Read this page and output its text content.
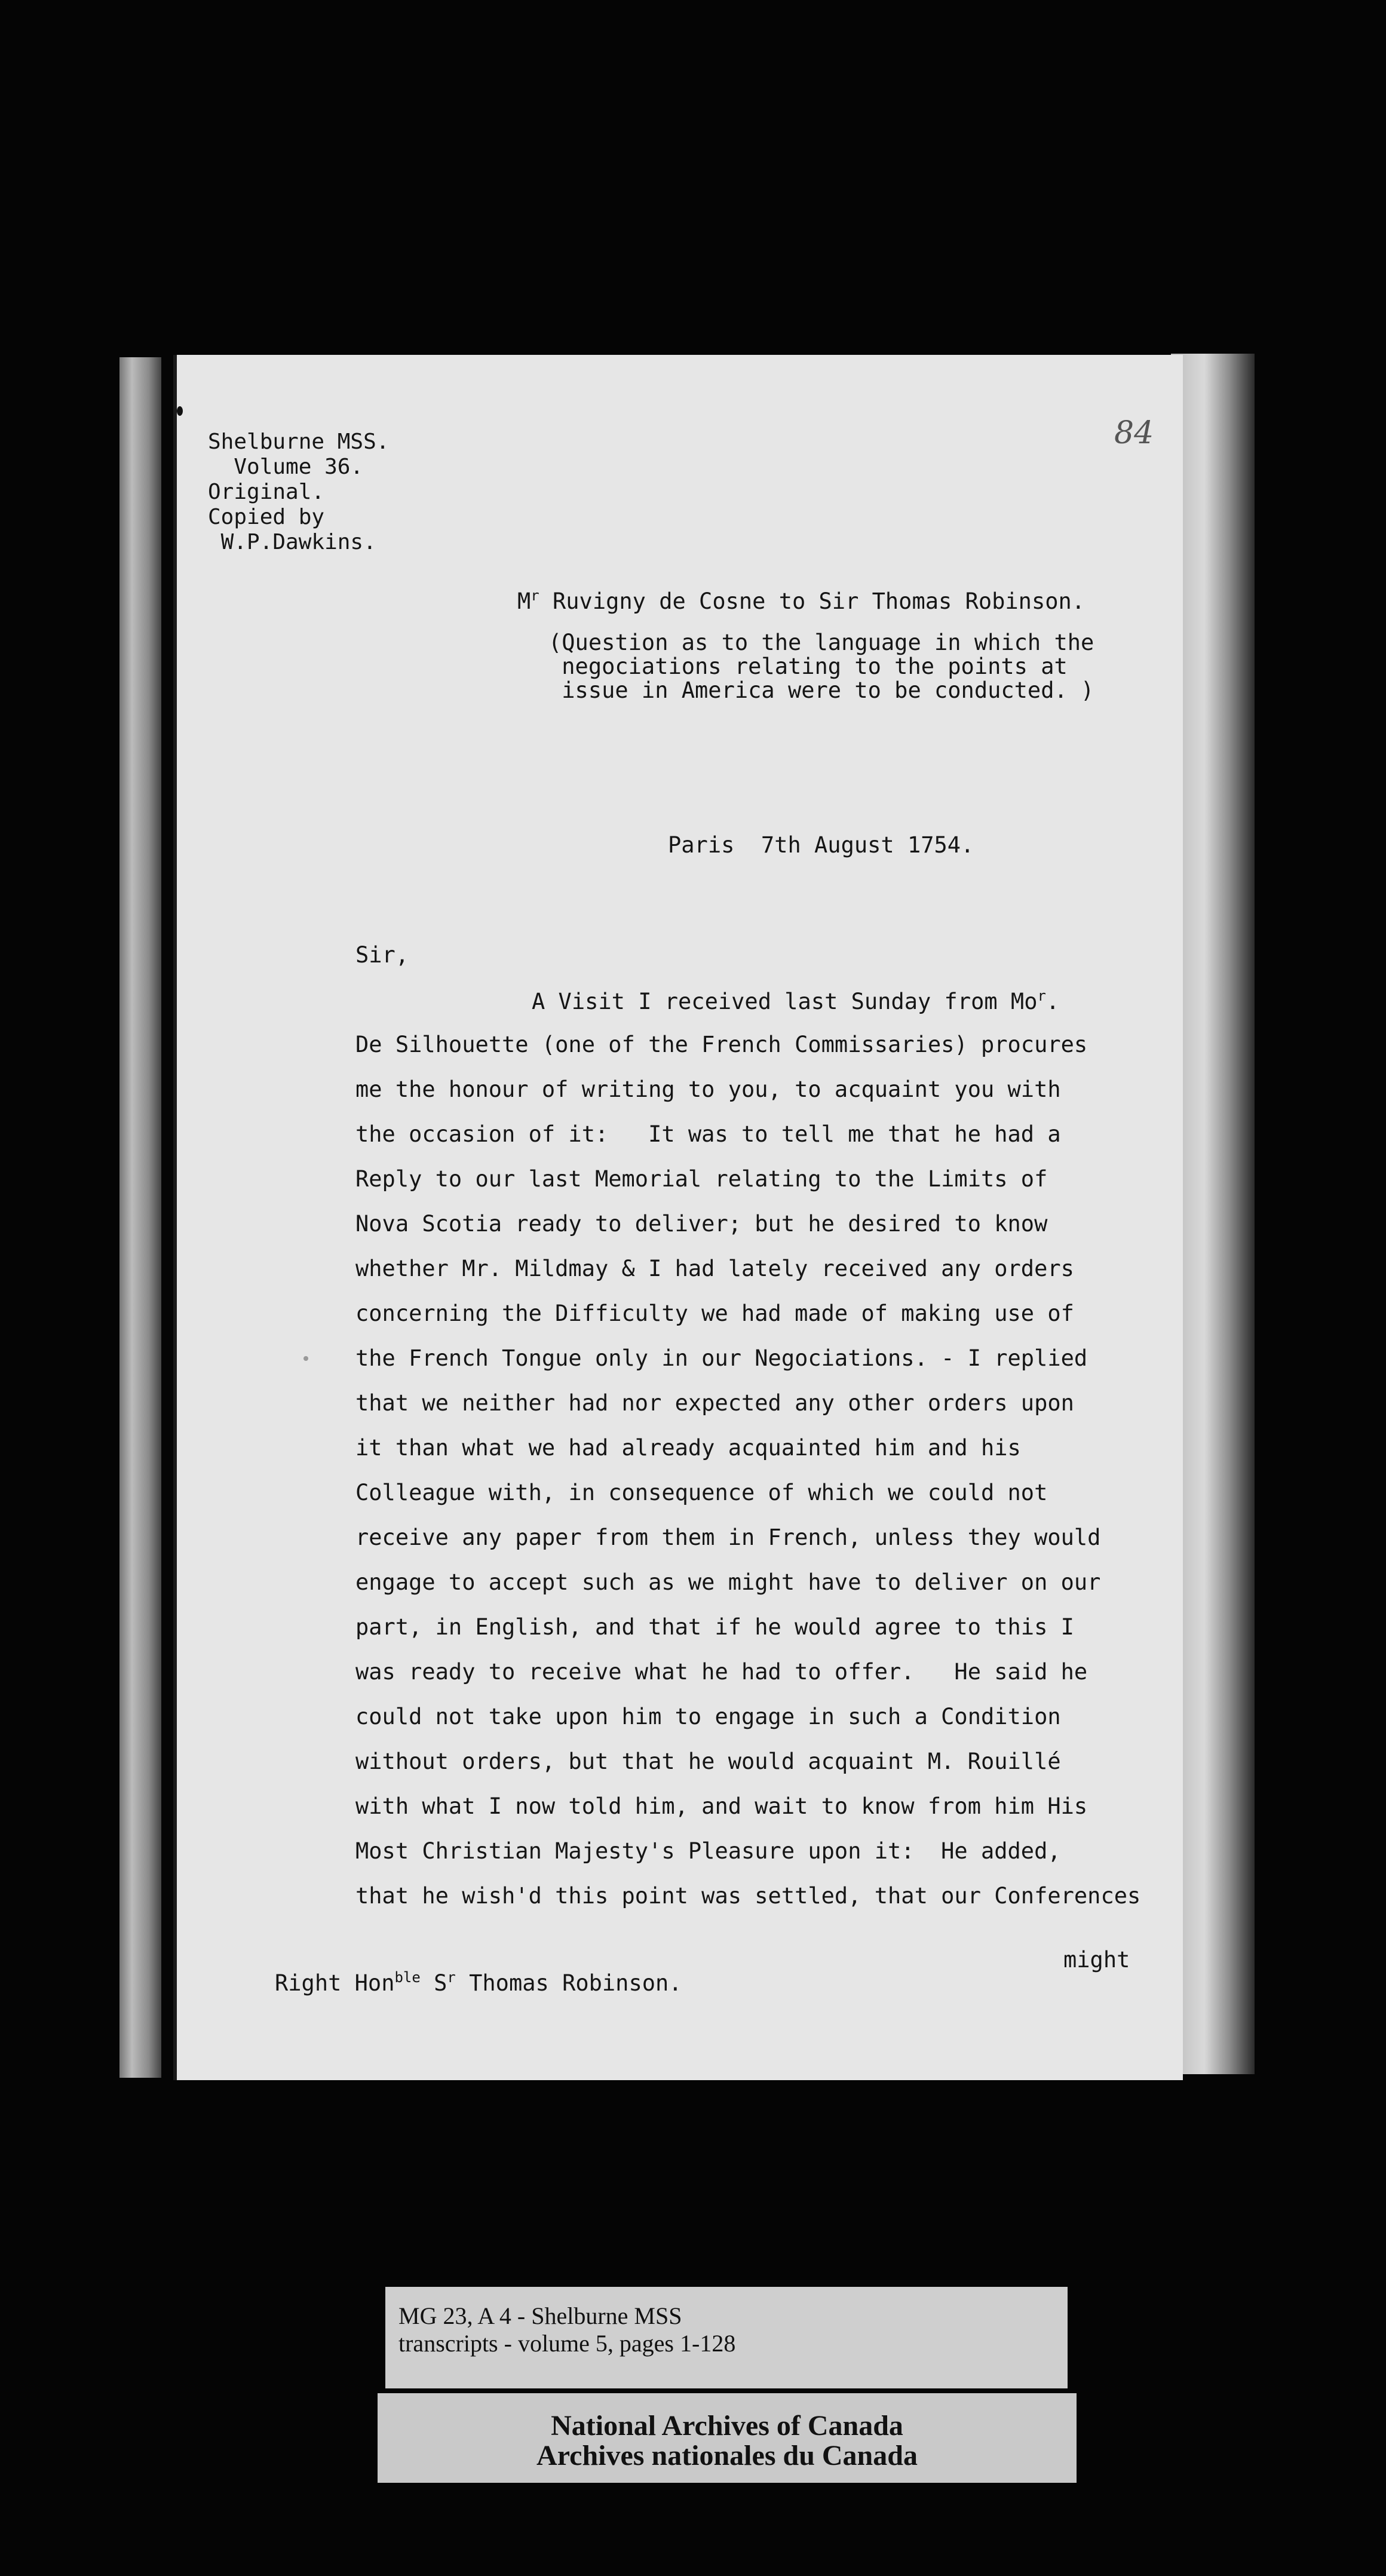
Shelburne MSS.
Volume 36.
Original.
Copied by
W.P.Dawkins.
84
$M^r$ Ruvigny de Cosne to Sir Thomas Robinson.
(Question as to the language in which the
negociations relating to the points at
issue in America were to be conducted. )
Paris  7th August 1754.
Sir,
A Visit I received last Sunday from Mo$^r$.
De Silhouette (one of the French Commissaries) procures
me the honour of writing to you, to acquaint you with
the occasion of it:   It was to tell me that he had a
Reply to our last Memorial relating to the Limits of
Nova Scotia ready to deliver; but he desired to know
whether Mr. Mildmay & I had lately received any orders
concerning the Difficulty we had made of making use of
the French Tongue only in our Negociations. - I replied
that we neither had nor expected any other orders upon
it than what we had already acquainted him and his
Colleague with, in consequence of which we could not
receive any paper from them in French, unless they would
engage to accept such as we might have to deliver on our
part, in English, and that if he would agree to this I
was ready to receive what he had to offer.   He said he
could not take upon him to engage in such a Condition
without orders, but that he would acquaint M. Rouillé
with what I now told him, and wait to know from him His
Most Christian Majesty's Pleasure upon it:  He added,
that he wish'd this point was settled, that our Conferences
might
Right Hon$^{ble}$ $S^r$ Thomas Robinson.
MG 23, A 4 - Shelburne MSS
transcripts - volume 5, pages 1-128
National Archives of Canada
Archives nationales du Canada
